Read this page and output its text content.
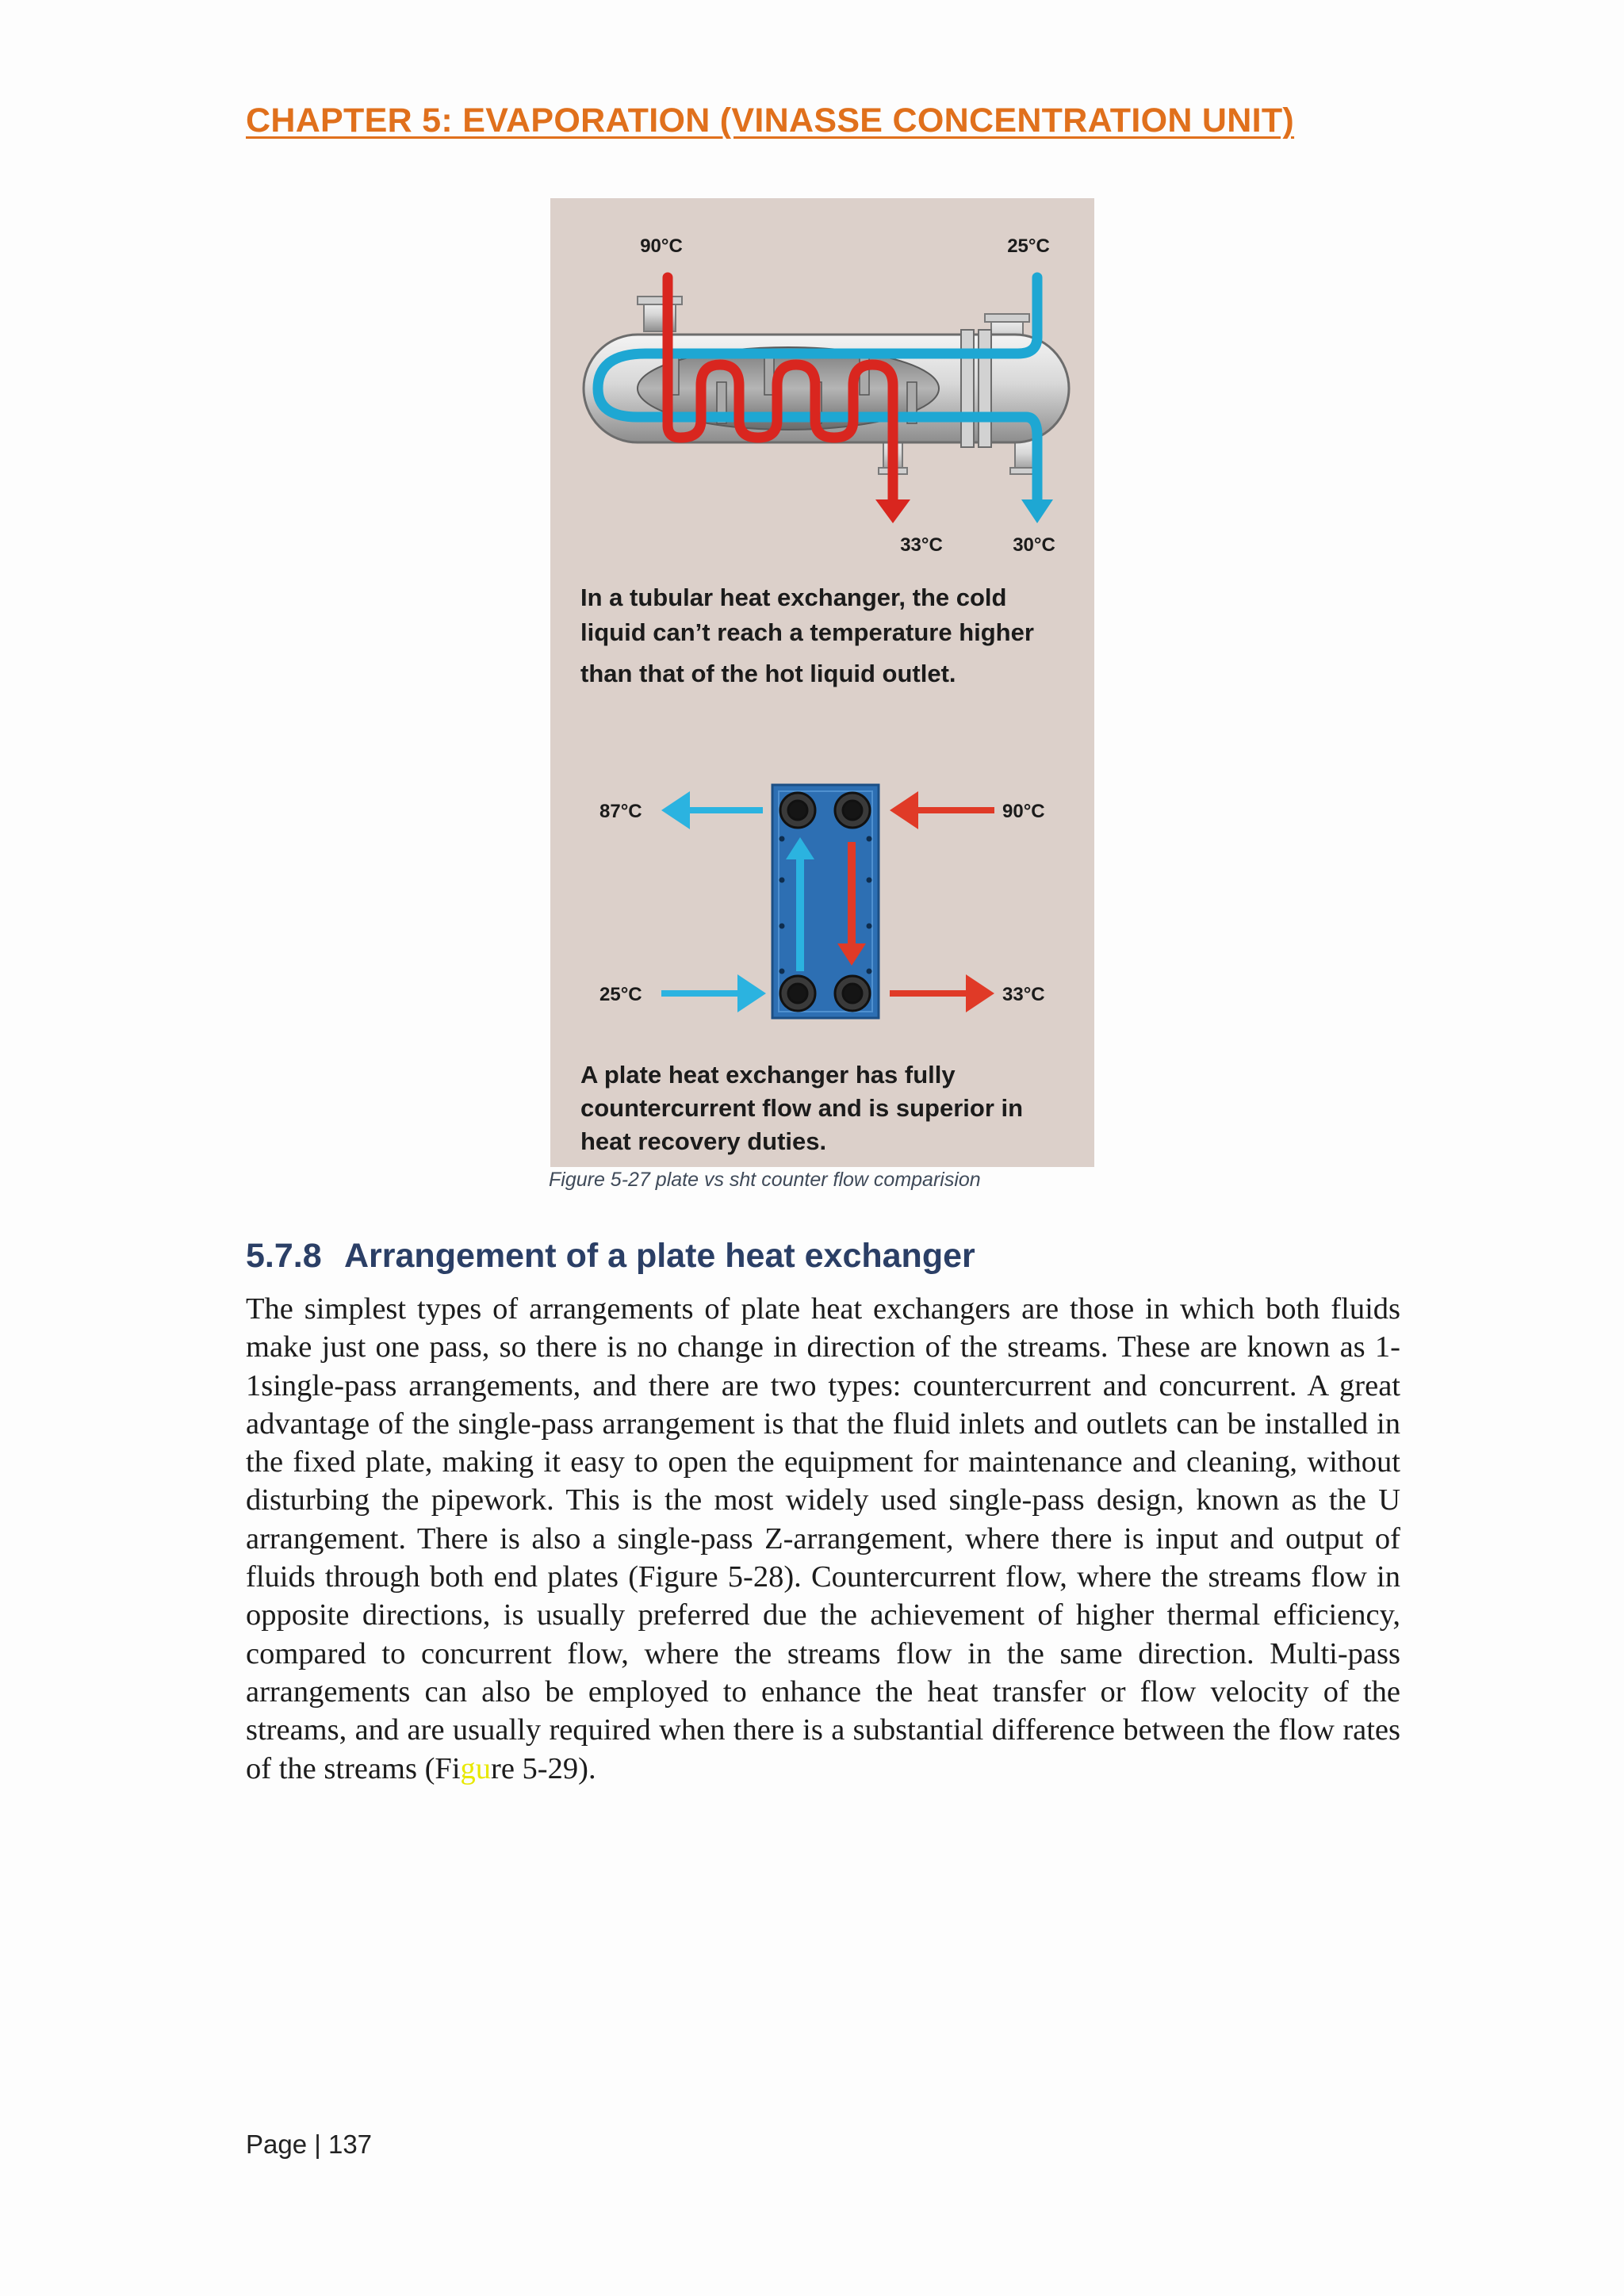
CHAPTER 5: EVAPORATION (VINASSE CONCENTRATION UNIT)
90°C	25°C
33°C	30°C
In a tubular heat exchanger, the cold
liquid can’t reach a temperature higher
than that of the hot liquid outlet.
87°C	90°C
25°C	33°C
A plate heat exchanger has fully
countercurrent flow and is superior in
heat recovery duties.
Figure 5-27 plate vs sht counter flow comparision
5.7.8 Arrangement of a plate heat exchanger

The simplest types of arrangements of plate heat exchangers are those in which both fluids make just one pass, so there is no change in direction of the streams. These are known as 1-1single-pass arrangements, and there are two types: countercurrent and concurrent. A great advantage of the single-pass arrangement is that the fluid inlets and outlets can be installed in the fixed plate, making it easy to open the equipment for maintenance and cleaning, without disturbing the pipework. This is the most widely used single-pass design, known as the U arrangement. There is also a single-pass Z-arrangement, where there is input and output of fluids through both end plates (Figure 5-28). Countercurrent flow, where the streams flow in opposite directions, is usually preferred due the achievement of higher thermal efficiency, compared to concurrent flow, where the streams flow in the same direction. Multi-pass arrangements can also be employed to enhance the heat transfer or flow velocity of the streams, and are usually required when there is a substantial difference between the flow rates of the streams (Figure 5-29).

Page | 137
